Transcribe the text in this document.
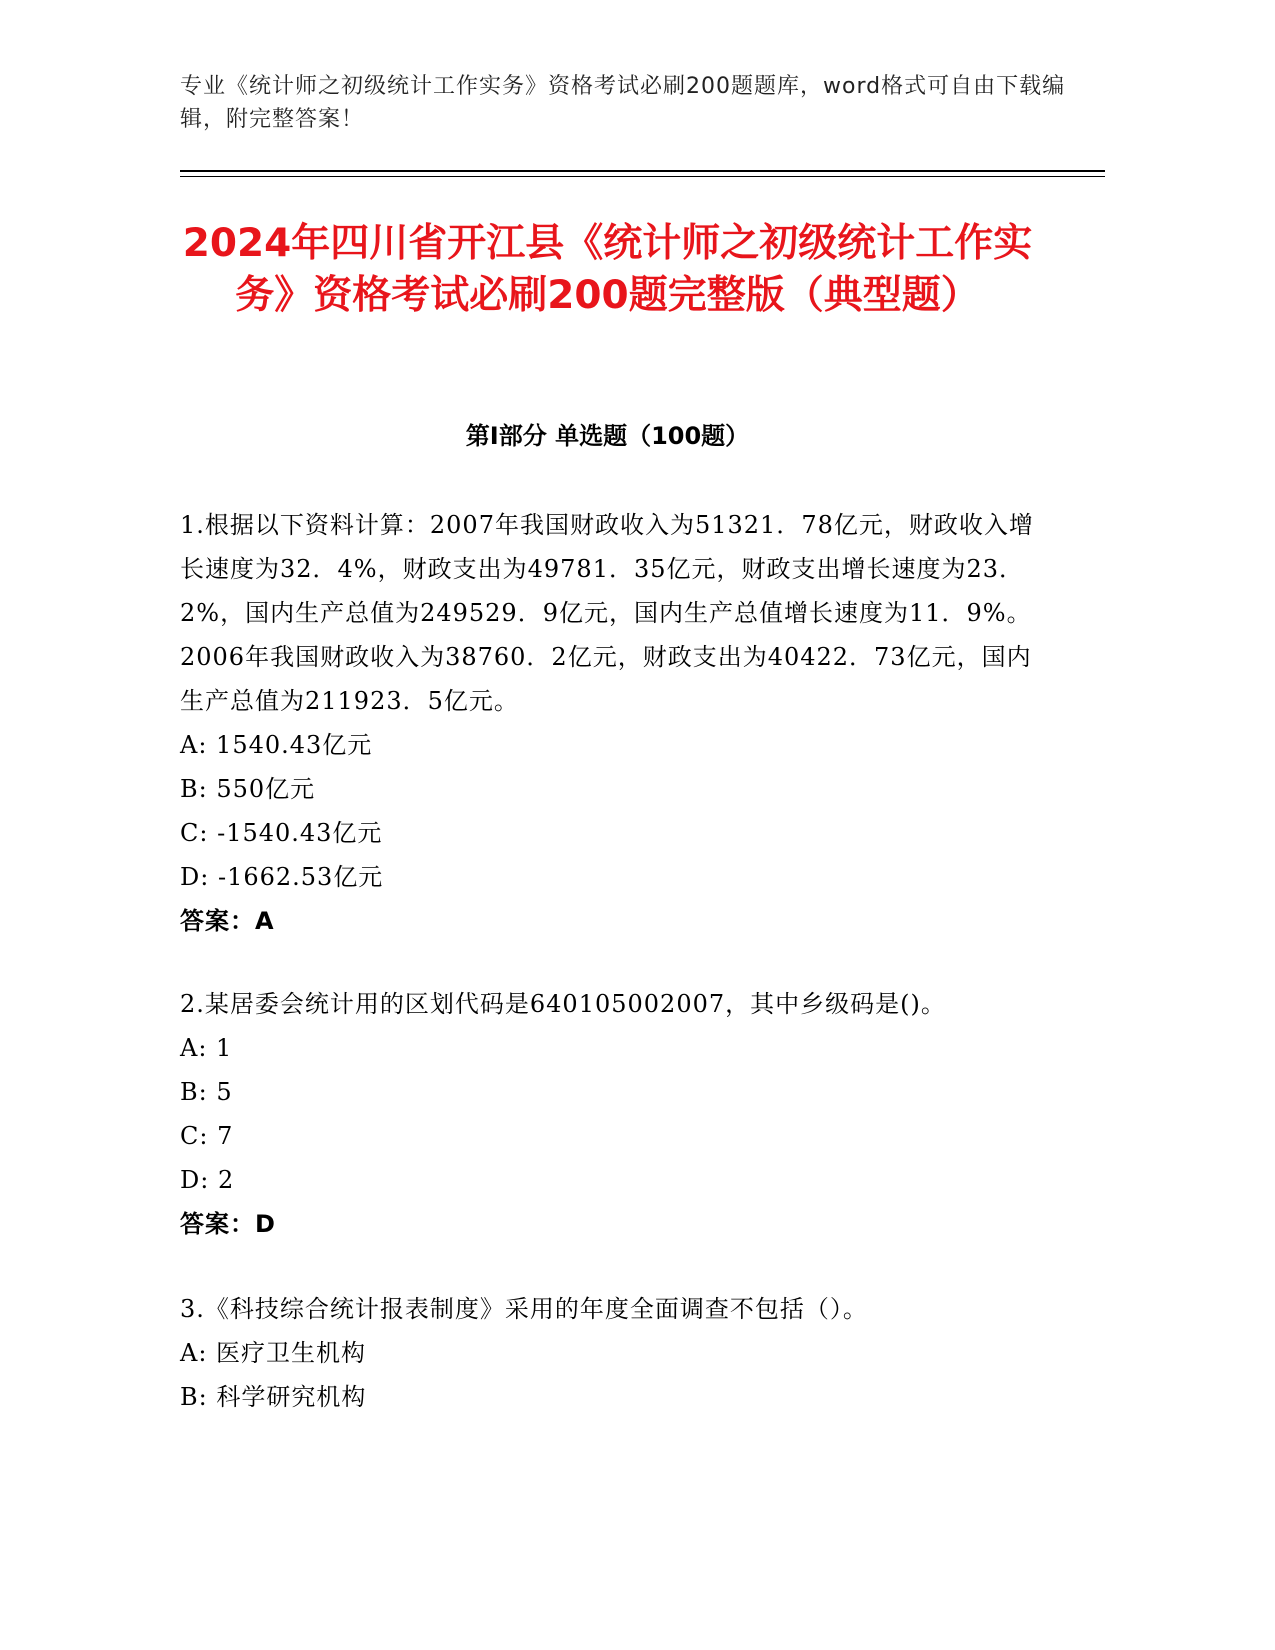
专业《统计师之初级统计工作实务》资格考试必刷200题题库，word格式可自由下载编辑，附完整答案！
2024年四川省开江县《统计师之初级统计工作实务》资格考试必刷200题完整版（典型题）
第I部分 单选题（100题）

1.根据以下资料计算：2007年我国财政收入为51321．78亿元，财政收入增长速度为32．4%，财政支出为49781．35亿元，财政支出增长速度为23．2%，国内生产总值为249529．9亿元，国内生产总值增长速度为11．9%。2006年我国财政收入为38760．2亿元，财政支出为40422．73亿元，国内生产总值为211923．5亿元。

A: 1540.43亿元

B: 550亿元

C: -1540.43亿元

D: -1662.53亿元

答案：A

2.某居委会统计用的区划代码是640105002007，其中乡级码是()。

A: 1

B: 5

C: 7

D: 2

答案：D

3.《科技综合统计报表制度》采用的年度全面调查不包括（）。

A: 医疗卫生机构

B: 科学研究机构
